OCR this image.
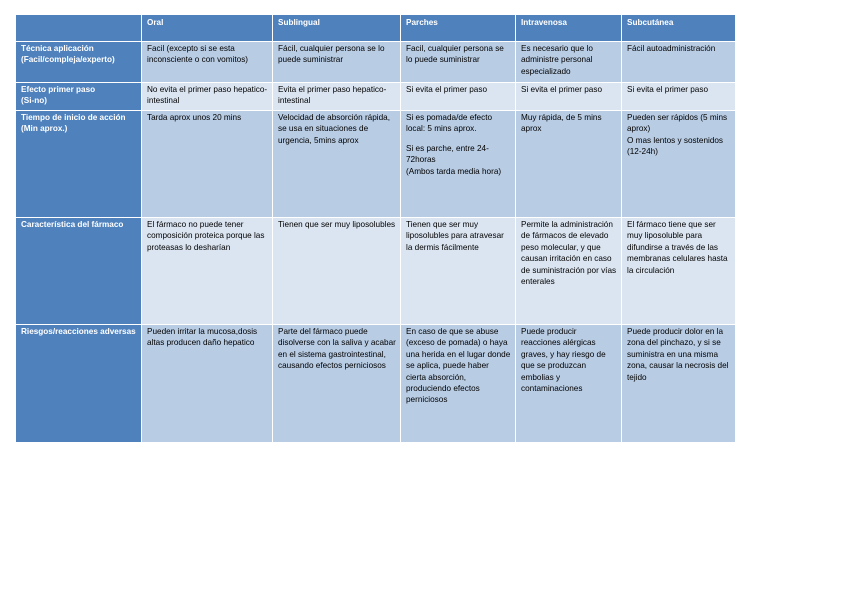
	Oral	Sublingual	Parches	Intravenosa	Subcutánea

Técnica aplicación
(Facil/compleja/experto)	Facil (excepto si se esta inconsciente o con vomitos)	Fácil, cualquier persona se lo puede suministrar	Facil, cualquier persona se lo puede suministrar	Es necesario que lo administre personal especializado	Fácil autoadministración

Efecto primer paso
(Si-no)	No evita el primer paso hepatico-intestinal	Evita el primer paso hepatico-intestinal	Si evita el primer paso	Si evita el primer paso	Si evita el primer paso

Tiempo de inicio de acción
(Min aprox.)	Tarda aprox unos 20 mins	Velocidad de absorción rápida, se usa en situaciones de urgencia, 5mins aprox	Si es pomada/de efecto local: 5 mins aprox.
Si es parche, entre 24-72horas
(Ambos tarda media hora)	Muy rápida, de 5 mins aprox	Pueden ser rápidos (5 mins aprox)
O mas lentos y sostenidos (12-24h)

Característica del fármaco	El fármaco no puede tener composición proteica porque las proteasas lo desharían	Tienen que ser muy liposolubles	Tienen que ser muy liposolubles para atravesar la dermis fácilmente	Permite la administración de fármacos de elevado peso molecular, y que causan irritación en caso de suministración por vías enterales	El fármaco tiene que ser muy liposoluble para difundirse a través de las membranas celulares hasta la circulación

Riesgos/reacciones adversas	Pueden irritar la mucosa,dosis altas producen daño hepatico	Parte del fármaco puede disolverse con la saliva y acabar en el sistema gastrointestinal, causando efectos perniciosos	En caso de que se abuse (exceso de pomada) o haya una herida en el lugar donde se aplica, puede haber cierta absorción, produciendo efectos perniciosos	Puede producir reacciones alérgicas graves, y hay riesgo de que se produzcan embolias y contaminaciones	Puede producir dolor en la zona del pinchazo, y si se suministra en una misma zona, causar la necrosis del tejido
